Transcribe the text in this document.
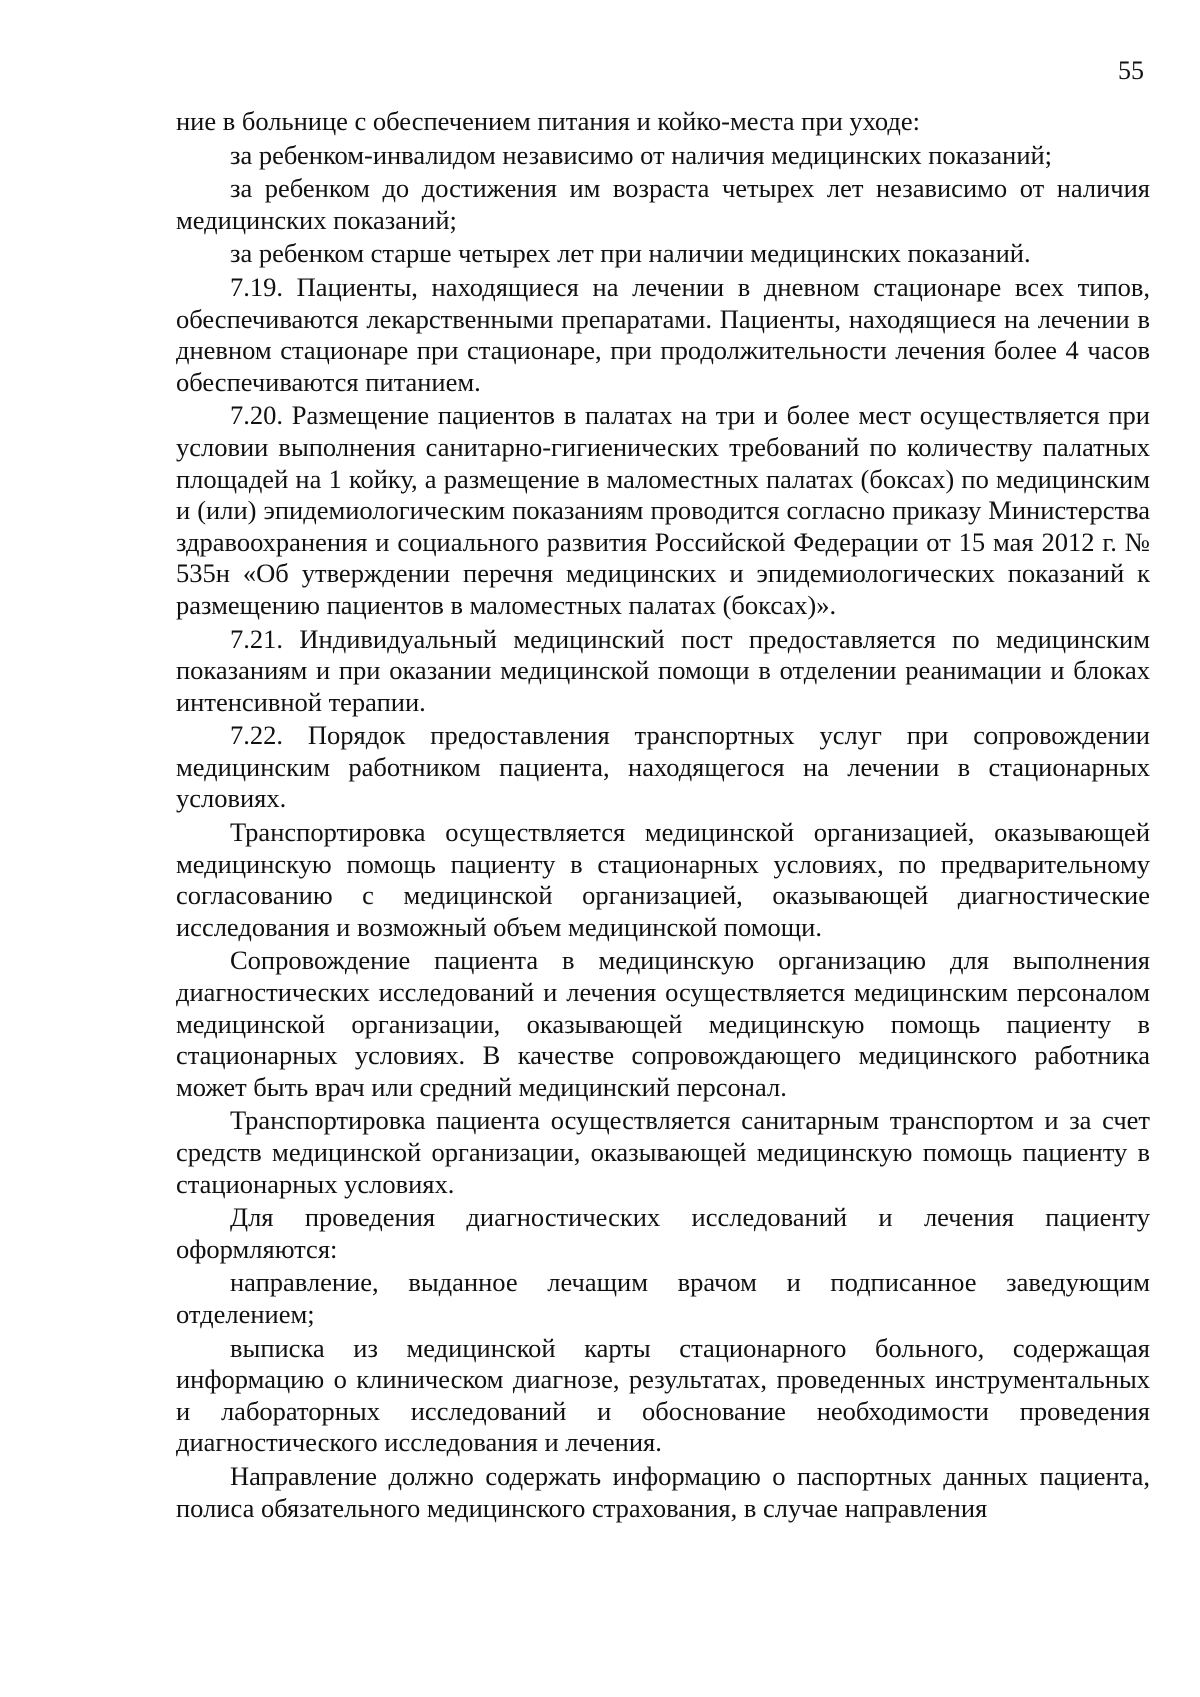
55

ние в больнице с обеспечением питания и койко-места при уходе:

за ребенком-инвалидом независимо от наличия медицинских показаний;

за ребенком до достижения им возраста четырех лет независимо от наличия медицинских показаний;

за ребенком старше четырех лет при наличии медицинских показаний.

7.19. Пациенты, находящиеся на лечении в дневном стационаре всех типов, обеспечиваются лекарственными препаратами. Пациенты, находящиеся на лечении в дневном стационаре при стационаре, при продолжительности лечения более 4 часов обеспечиваются питанием.

7.20. Размещение пациентов в палатах на три и более мест осуществляется при условии выполнения санитарно-гигиенических требований по количеству палатных площадей на 1 койку, а размещение в маломестных палатах (боксах) по медицинским и (или) эпидемиологическим показаниям проводится согласно приказу Министерства здравоохранения и социального развития Российской Федерации от 15 мая 2012 г. № 535н «Об утверждении перечня медицинских и эпидемиологических показаний к размещению пациентов в маломестных палатах (боксах)».

7.21. Индивидуальный медицинский пост предоставляется по медицинским показаниям и при оказании медицинской помощи в отделении реанимации и блоках интенсивной терапии.

7.22. Порядок предоставления транспортных услуг при сопровождении медицинским работником пациента, находящегося на лечении в стационарных условиях.

Транспортировка осуществляется медицинской организацией, оказывающей медицинскую помощь пациенту в стационарных условиях, по предварительному согласованию с медицинской организацией, оказывающей диагностические исследования и возможный объем медицинской помощи.

Сопровождение пациента в медицинскую организацию для выполнения диагностических исследований и лечения осуществляется медицинским персоналом медицинской организации, оказывающей медицинскую помощь пациенту в стационарных условиях. В качестве сопровождающего медицинского работника может быть врач или средний медицинский персонал.

Транспортировка пациента осуществляется санитарным транспортом и за счет средств медицинской организации, оказывающей медицинскую помощь пациенту в стационарных условиях.

Для проведения диагностических исследований и лечения пациенту оформляются:

направление, выданное лечащим врачом и подписанное заведующим отделением;

выписка из медицинской карты стационарного больного, содержащая информацию о клиническом диагнозе, результатах, проведенных инструментальных и лабораторных исследований и обоснование необходимости проведения диагностического исследования и лечения.

Направление должно содержать информацию о паспортных данных пациента, полиса обязательного медицинского страхования, в случае направления
